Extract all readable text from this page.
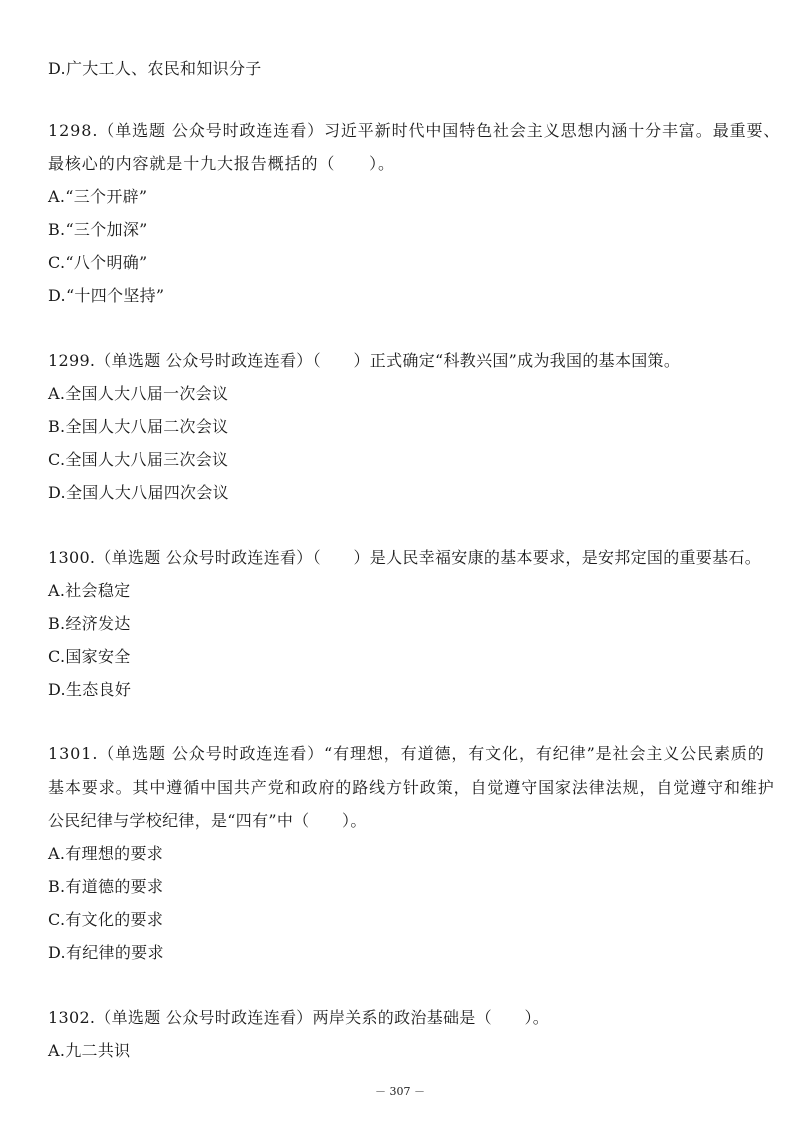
D.广大工人、农民和知识分子
1298.（单选题 公众号时政连连看）习近平新时代中国特色社会主义思想内涵十分丰富。最重要、
最核心的内容就是十九大报告概括的（　　）。
A.“三个开辟”
B.“三个加深”
C.“八个明确”
D.“十四个坚持”
1299.（单选题 公众号时政连连看）（　　）正式确定“科教兴国”成为我国的基本国策。
A.全国人大八届一次会议
B.全国人大八届二次会议
C.全国人大八届三次会议
D.全国人大八届四次会议
1300.（单选题 公众号时政连连看）（　　）是人民幸福安康的基本要求，是安邦定国的重要基石。
A.社会稳定
B.经济发达
C.国家安全
D.生态良好
1301.（单选题 公众号时政连连看）“有理想，有道德，有文化，有纪律”是社会主义公民素质的
基本要求。其中遵循中国共产党和政府的路线方针政策，自觉遵守国家法律法规，自觉遵守和维护
公民纪律与学校纪律，是“四有”中（　　）。
A.有理想的要求
B.有道德的要求
C.有文化的要求
D.有纪律的要求
1302.（单选题 公众号时政连连看）两岸关系的政治基础是（　　）。
A.九二共识
－ 307 －
